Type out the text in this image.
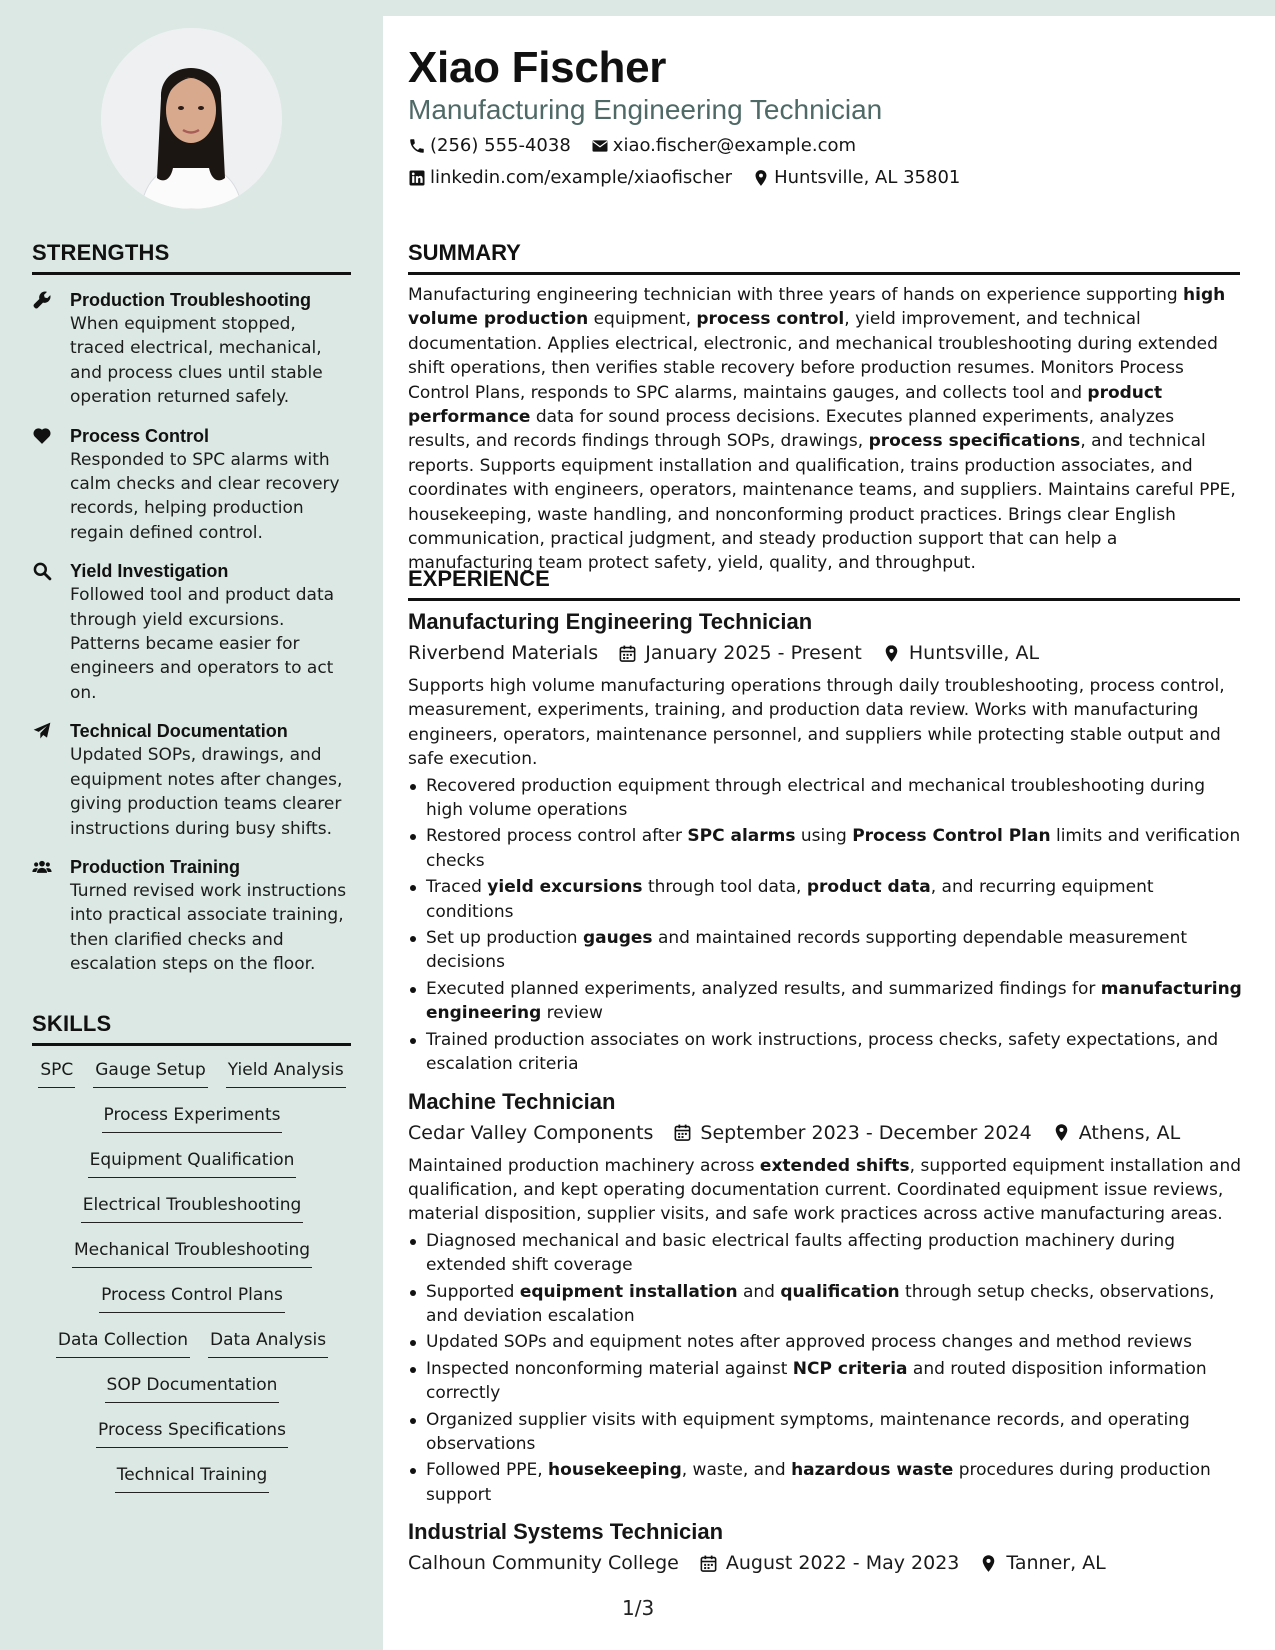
STRENGTHS
Production Troubleshooting
When equipment stopped, traced electrical, mechanical, and process clues until stable operation returned safely.
Process Control
Responded to SPC alarms with calm checks and clear recovery records, helping production regain defined control.
Yield Investigation
Followed tool and product data through yield excursions. Patterns became easier for engineers and operators to act on.
Technical Documentation
Updated SOPs, drawings, and equipment notes after changes, giving production teams clearer instructions during busy shifts.
Production Training
Turned revised work instructions into practical associate training, then clarified checks and escalation steps on the floor.
SKILLS
SPC Gauge Setup Yield Analysis
Process Experiments
Equipment Qualification
Electrical Troubleshooting
Mechanical Troubleshooting
Process Control Plans
Data Collection Data Analysis
SOP Documentation
Process Specifications
Technical Training
Xiao Fischer
Manufacturing Engineering Technician
(256) 555-4038 xiao.fischer@example.com
linkedin.com/example/xiaofischer Huntsville, AL 35801
SUMMARY
Manufacturing engineering technician with three years of hands on experience supporting high volume production equipment, process control, yield improvement, and technical documentation. Applies electrical, electronic, and mechanical troubleshooting during extended shift operations, then verifies stable recovery before production resumes. Monitors Process Control Plans, responds to SPC alarms, maintains gauges, and collects tool and product performance data for sound process decisions. Executes planned experiments, analyzes results, and records findings through SOPs, drawings, process specifications, and technical reports. Supports equipment installation and qualification, trains production associates, and coordinates with engineers, operators, maintenance teams, and suppliers. Maintains careful PPE, housekeeping, waste handling, and nonconforming product practices. Brings clear English communication, practical judgment, and steady production support that can help a manufacturing team protect safety, yield, quality, and throughput.
EXPERIENCE
Manufacturing Engineering Technician
Riverbend Materials January 2025 - Present Huntsville, AL
Supports high volume manufacturing operations through daily troubleshooting, process control, measurement, experiments, training, and production data review. Works with manufacturing engineers, operators, maintenance personnel, and suppliers while protecting stable output and safe execution.
Recovered production equipment through electrical and mechanical troubleshooting during high volume operations
Restored process control after SPC alarms using Process Control Plan limits and verification checks
Traced yield excursions through tool data, product data, and recurring equipment conditions
Set up production gauges and maintained records supporting dependable measurement decisions
Executed planned experiments, analyzed results, and summarized findings for manufacturing engineering review
Trained production associates on work instructions, process checks, safety expectations, and escalation criteria
Machine Technician
Cedar Valley Components September 2023 - December 2024 Athens, AL
Maintained production machinery across extended shifts, supported equipment installation and qualification, and kept operating documentation current. Coordinated equipment issue reviews, material disposition, supplier visits, and safe work practices across active manufacturing areas.
Diagnosed mechanical and basic electrical faults affecting production machinery during extended shift coverage
Supported equipment installation and qualification through setup checks, observations, and deviation escalation
Updated SOPs and equipment notes after approved process changes and method reviews
Inspected nonconforming material against NCP criteria and routed disposition information correctly
Organized supplier visits with equipment symptoms, maintenance records, and operating observations
Followed PPE, housekeeping, waste, and hazardous waste procedures during production support
Industrial Systems Technician
Calhoun Community College August 2022 - May 2023 Tanner, AL
1/3
